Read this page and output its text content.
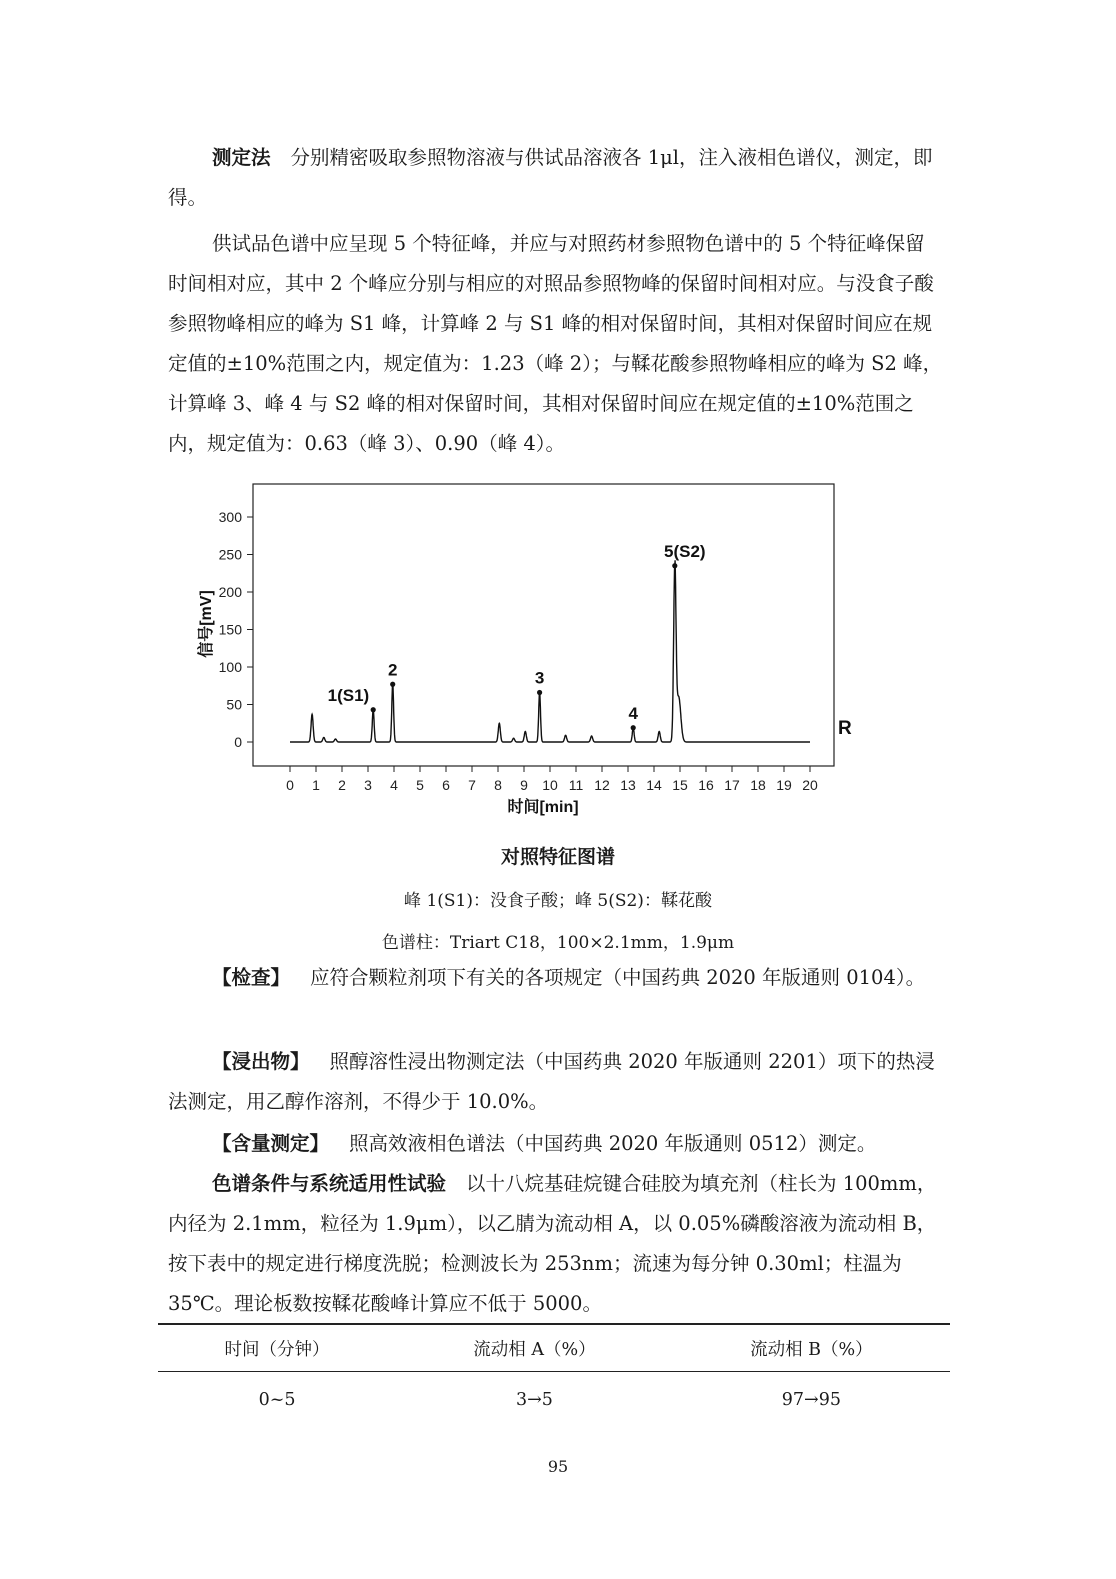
测定法 分别精密吸取参照物溶液与供试品溶液各 1μl，注入液相色谱仪，测定，即得。

供试品色谱中应呈现 5 个特征峰，并应与对照药材参照物色谱中的 5 个特征峰保留时间相对应，其中 2 个峰应分别与相应的对照品参照物峰的保留时间相对应。与没食子酸参照物峰相应的峰为 S1 峰，计算峰 2 与 S1 峰的相对保留时间，其相对保留时间应在规定值的±10%范围之内，规定值为：1.23（峰 2）；与鞣花酸参照物峰相应的峰为 S2 峰，计算峰 3、峰 4 与 S2 峰的相对保留时间，其相对保留时间应在规定值的±10%范围之内，规定值为：0.63（峰 3）、0.90（峰 4）。

0
50
100
150
200
250
300
0 1 2 3 4 5 6 7 8 9 10 11 12 13 14 15 16 17 18 19 20
1(S1)
2	3
4
5(S2)
信号[mV]
时间[min]
R
对照特征图谱
峰 1(S1)：没食子酸；峰 5(S2)：鞣花酸
色谱柱：Triart C18，100×2.1mm，1.9μm

【检查】 应符合颗粒剂项下有关的各项规定（中国药典 2020 年版通则 0104）。

【浸出物】 照醇溶性浸出物测定法（中国药典 2020 年版通则 2201）项下的热浸法测定，用乙醇作溶剂，不得少于 10.0%。

【含量测定】 照高效液相色谱法（中国药典 2020 年版通则 0512）测定。

色谱条件与系统适用性试验 以十八烷基硅烷键合硅胶为填充剂（柱长为 100mm，内径为 2.1mm，粒径为 1.9μm），以乙腈为流动相 A，以 0.05%磷酸溶液为流动相 B，按下表中的规定进行梯度洗脱；检测波长为 253nm；流速为每分钟 0.30ml；柱温为 35℃。理论板数按鞣花酸峰计算应不低于 5000。

时间（分钟）	流动相 A（%）	流动相 B（%）
0~5	3→5	97→95
95
